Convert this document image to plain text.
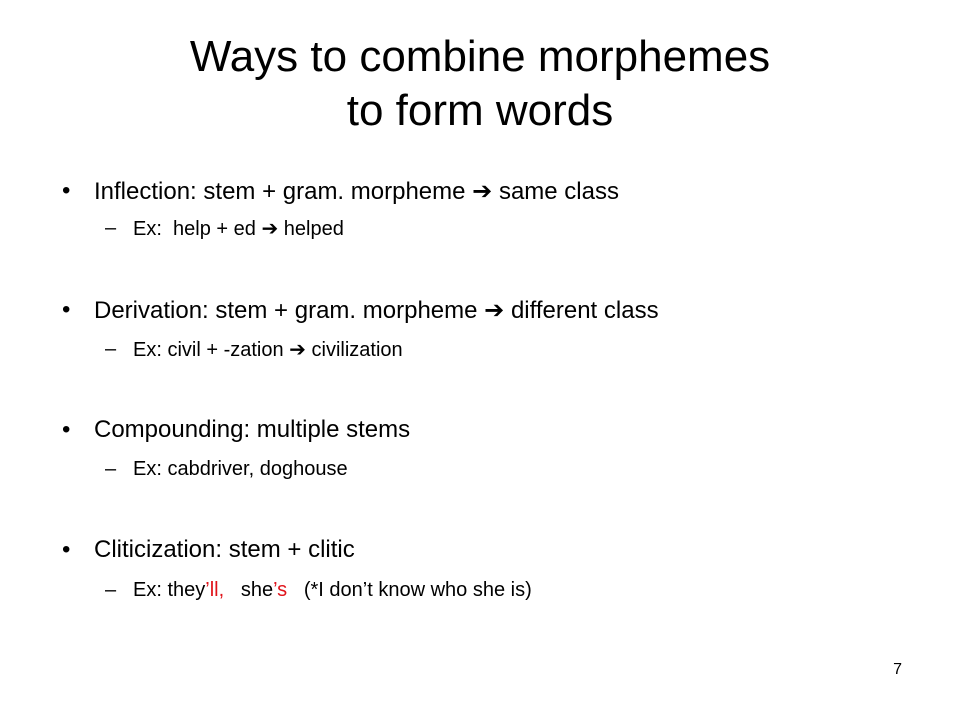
Ways to combine morphemes
to form words
• Inflection: stem + gram. morpheme ➔ same class
– Ex:  help + ed ➔ helped
• Derivation: stem + gram. morpheme ➔ different class
– Ex: civil + -zation ➔ civilization
• Compounding: multiple stems
– Ex: cabdriver, doghouse
• Cliticization: stem + clitic
– Ex: they’ll, she’s (*I don’t know who she is)
7
